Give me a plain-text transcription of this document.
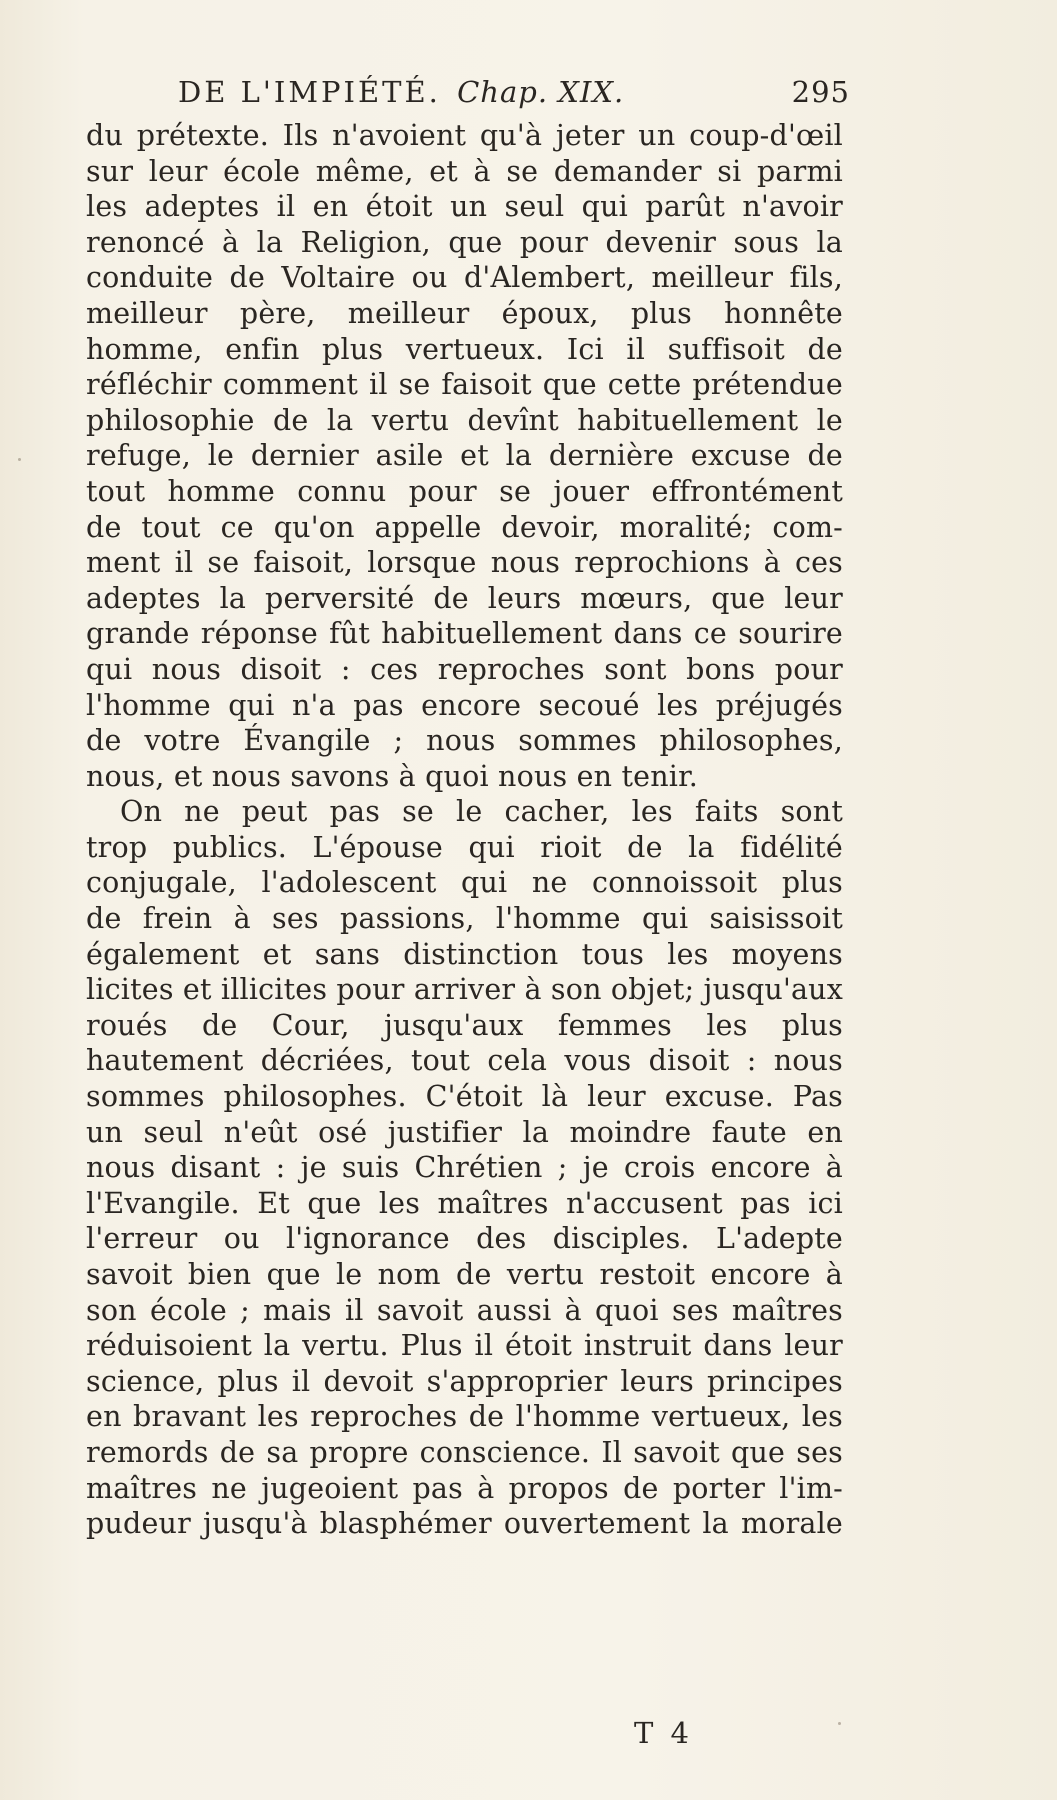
DE L'IMPIÉTÉ. Chap. XIX.	295
du prétexte. Ils n'avoient qu'à jeter un coup-d'œil
sur leur école même, et à se demander si parmi
les adeptes il en étoit un seul qui parût n'avoir
renoncé à la Religion, que pour devenir sous la
conduite de Voltaire ou d'Alembert, meilleur fils,
meilleur père, meilleur époux, plus honnête
homme, enfin plus vertueux. Ici il suffisoit de
réfléchir comment il se faisoit que cette prétendue
philosophie de la vertu devînt habituellement le
refuge, le dernier asile et la dernière excuse de
tout homme connu pour se jouer effrontément
de tout ce qu'on appelle devoir, moralité; com-
ment il se faisoit, lorsque nous reprochions à ces
adeptes la perversité de leurs mœurs, que leur
grande réponse fût habituellement dans ce sourire
qui nous disoit : ces reproches sont bons pour
l'homme qui n'a pas encore secoué les préjugés
de votre Évangile ; nous sommes philosophes,
nous, et nous savons à quoi nous en tenir.
On ne peut pas se le cacher, les faits sont
trop publics. L'épouse qui rioit de la fidélité
conjugale, l'adolescent qui ne connoissoit plus
de frein à ses passions, l'homme qui saisissoit
également et sans distinction tous les moyens
licites et illicites pour arriver à son objet; jusqu'aux
roués de Cour, jusqu'aux femmes les plus
hautement décriées, tout cela vous disoit : nous
sommes philosophes. C'étoit là leur excuse. Pas
un seul n'eût osé justifier la moindre faute en
nous disant : je suis Chrétien ; je crois encore à
l'Evangile. Et que les maîtres n'accusent pas ici
l'erreur ou l'ignorance des disciples. L'adepte
savoit bien que le nom de vertu restoit encore à
son école ; mais il savoit aussi à quoi ses maîtres
réduisoient la vertu. Plus il étoit instruit dans leur
science, plus il devoit s'approprier leurs principes
en bravant les reproches de l'homme vertueux, les
remords de sa propre conscience. Il savoit que ses
maîtres ne jugeoient pas à propos de porter l'im-
pudeur jusqu'à blasphémer ouvertement la morale
T 4
